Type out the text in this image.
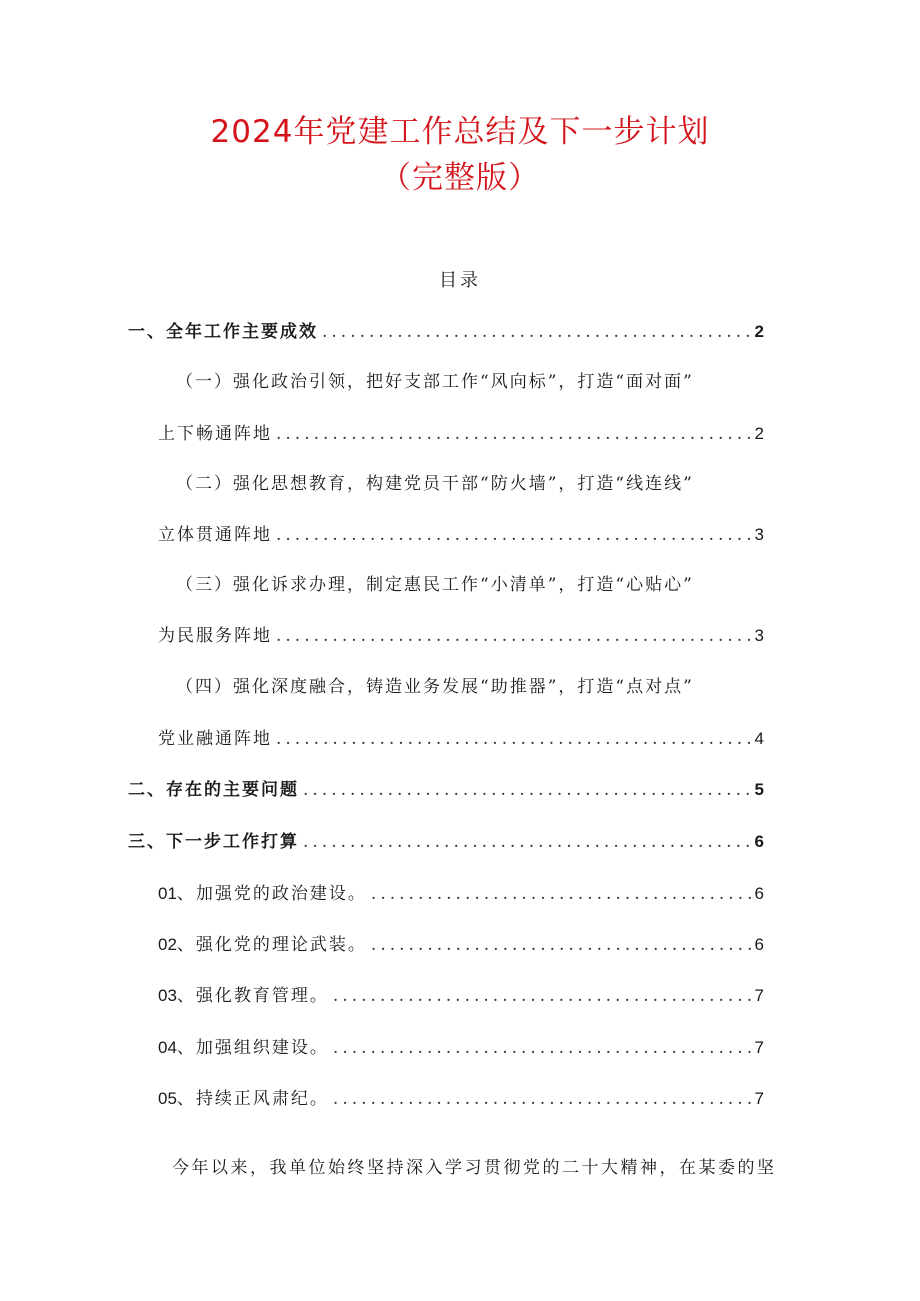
2024年党建工作总结及下一步计划
（完整版）
目录
一、全年工作主要成效 .....	2
（一）强化政治引领，把好支部工作“风向标”，打造“面对面”
上下畅通阵地 .....	2
（二）强化思想教育，构建党员干部“防火墙”，打造“线连线”
立体贯通阵地 .....	3
（三）强化诉求办理，制定惠民工作“小清单”，打造“心贴心”
为民服务阵地 .....	3
（四）强化深度融合，铸造业务发展“助推器”，打造“点对点”
党业融通阵地 .....	4
二、存在的主要问题 .....	5
三、下一步工作打算 .....	6
01、加强党的政治建设。 .....	6
02、强化党的理论武装。 .....	6
03、强化教育管理。 .....	7
04、加强组织建设。 .....	7
05、持续正风肃纪。 .....	7
今年以来，我单位始终坚持深入学习贯彻党的二十大精神，在某委的坚
